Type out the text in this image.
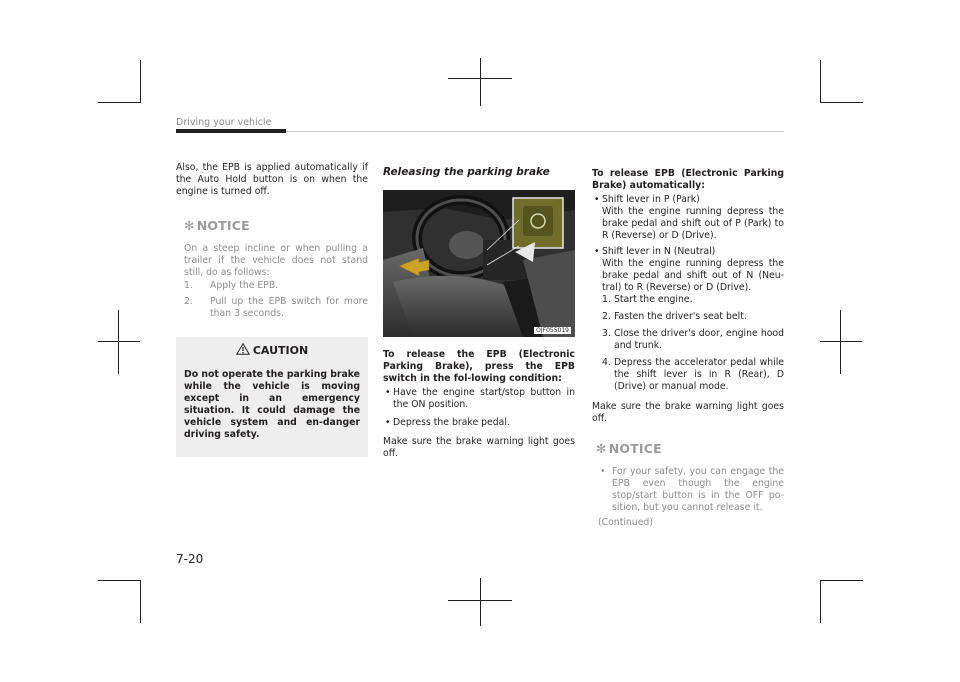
Driving your vehicle

Also, the EPB is applied automatically if the Auto Hold button is on when the engine is turned off.

✻ NOTICE

On a steep incline or when pulling a trailer if the vehicle does not stand still, do as follows:

1. Apply the EPB.
2. Pull up the EPB switch for more than 3 seconds.
CAUTION

Do not operate the parking brake while the vehicle is moving except in an emergency situation. It could damage the vehicle system and en-danger driving safety.

Releasing the parking brake
OJF055019

To release the EPB (Electronic Parking Brake), press the EPB switch in the fol-lowing condition:

• Have the engine start/stop button in the ON position.
• Depress the brake pedal.

Make sure the brake warning light goes off.

To release EPB (Electronic Parking Brake) automatically:

• Shift lever in P (Park)

With the engine running depress the brake pedal and shift out of P (Park) to R (Reverse) or D (Drive).

• Shift lever in N (Neutral)

With the engine running depress the brake pedal and shift out of N (Neu-tral) to R (Reverse) or D (Drive).

1. Start the engine.
2. Fasten the driver's seat belt.
3. Close the driver's door, engine hood and trunk.
4. Depress the accelerator pedal while the shift lever is in R (Rear), D (Drive) or manual mode.

Make sure the brake warning light goes off.

✻ NOTICE
• For your safety, you can engage the EPB even though the engine stop/start button is in the OFF po-sition, but you cannot release it.

(Continued)

7-20
